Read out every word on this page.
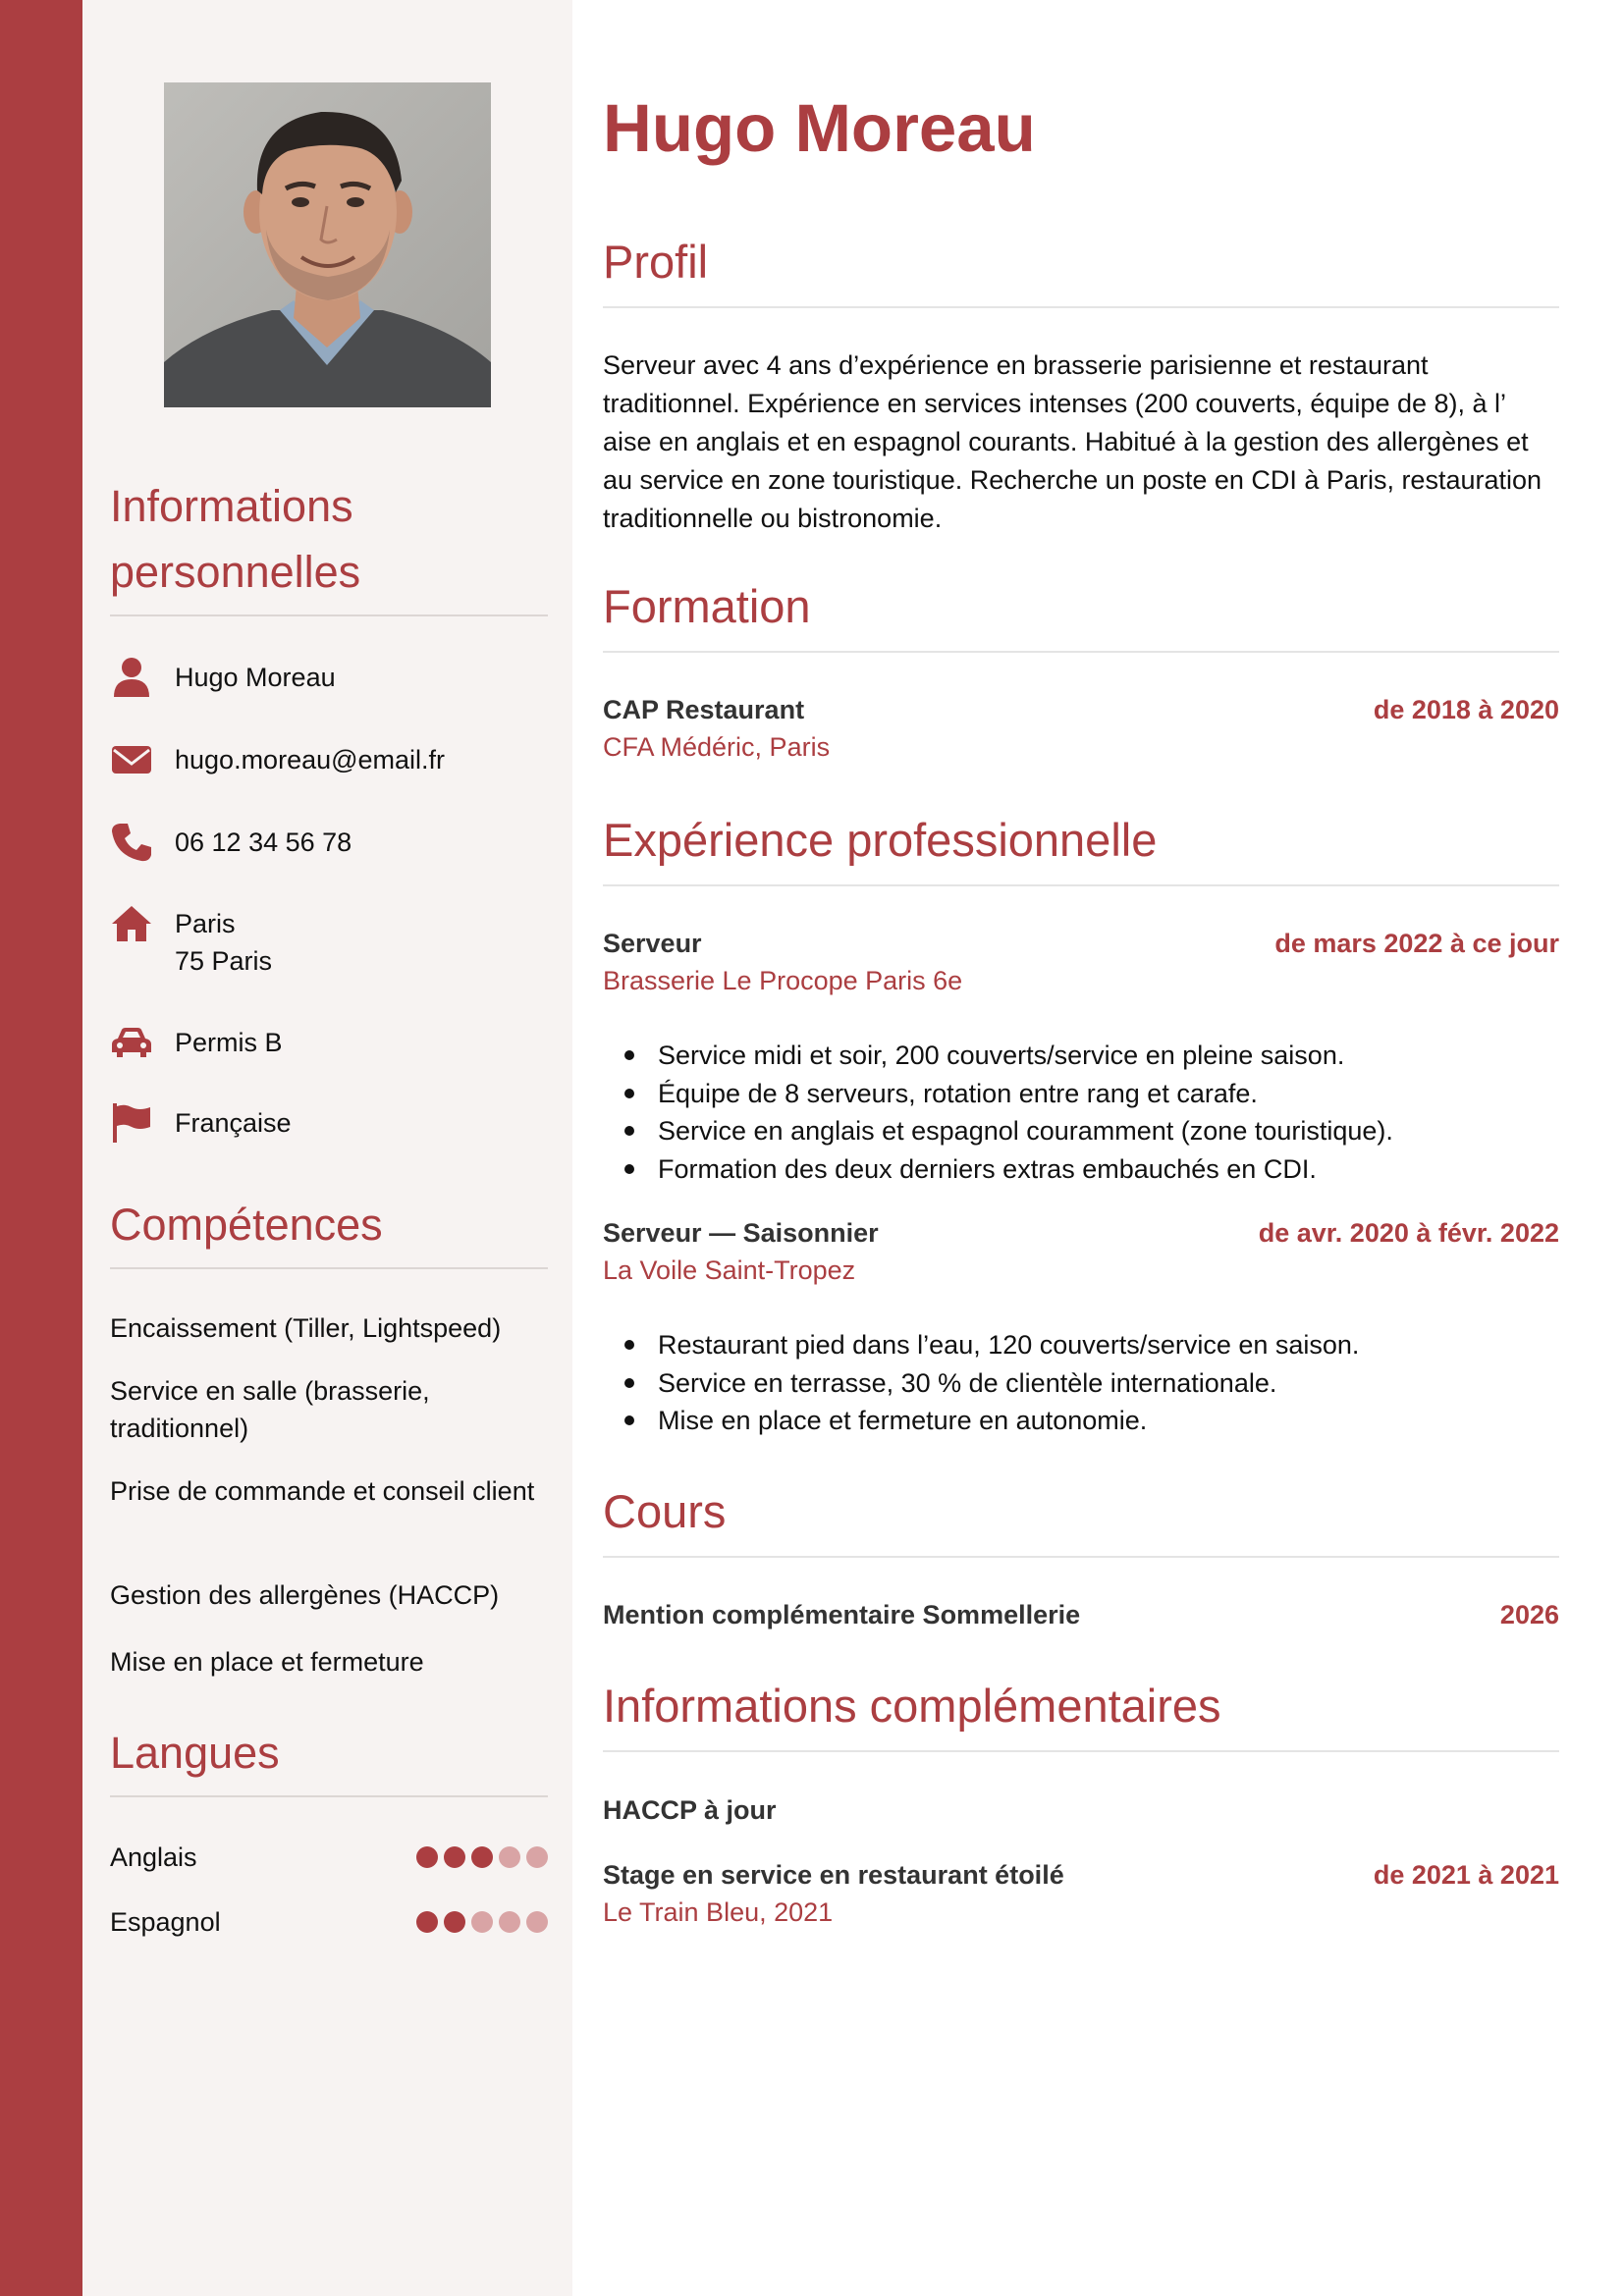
Informations personnelles
Hugo Moreau
hugo.moreau@email.fr
06 12 34 56 78
Paris
75 Paris
Permis B
Française
Compétences
Encaissement (Tiller, Lightspeed)
Service en salle (brasserie, traditionnel)
Prise de commande et conseil client
Gestion des allergènes (HACCP)
Mise en place et fermeture
Langues
Anglais
Espagnol
Hugo Moreau
Profil
Serveur avec 4 ans d’expérience en brasserie parisienne et restaurant traditionnel. Expérience en services intenses (200 couverts, équipe de 8), à l’ aise en anglais et en espagnol courants. Habitué à la gestion des allergènes et au service en zone touristique. Recherche un poste en CDI à Paris, restauration traditionnelle ou bistronomie.
Formation
CAP Restaurant	de 2018 à 2020
CFA Médéric, Paris
Expérience professionnelle
Serveur	de mars 2022 à ce jour
Brasserie Le Procope Paris 6e
Service midi et soir, 200 couverts/service en pleine saison.
Équipe de 8 serveurs, rotation entre rang et carafe.
Service en anglais et espagnol couramment (zone touristique).
Formation des deux derniers extras embauchés en CDI.
Serveur — Saisonnier	de avr. 2020 à févr. 2022
La Voile Saint-Tropez
Restaurant pied dans l’eau, 120 couverts/service en saison.
Service en terrasse, 30 % de clientèle internationale.
Mise en place et fermeture en autonomie.
Cours
Mention complémentaire Sommellerie	2026
Informations complémentaires
HACCP à jour
Stage en service en restaurant étoilé	de 2021 à 2021
Le Train Bleu, 2021
